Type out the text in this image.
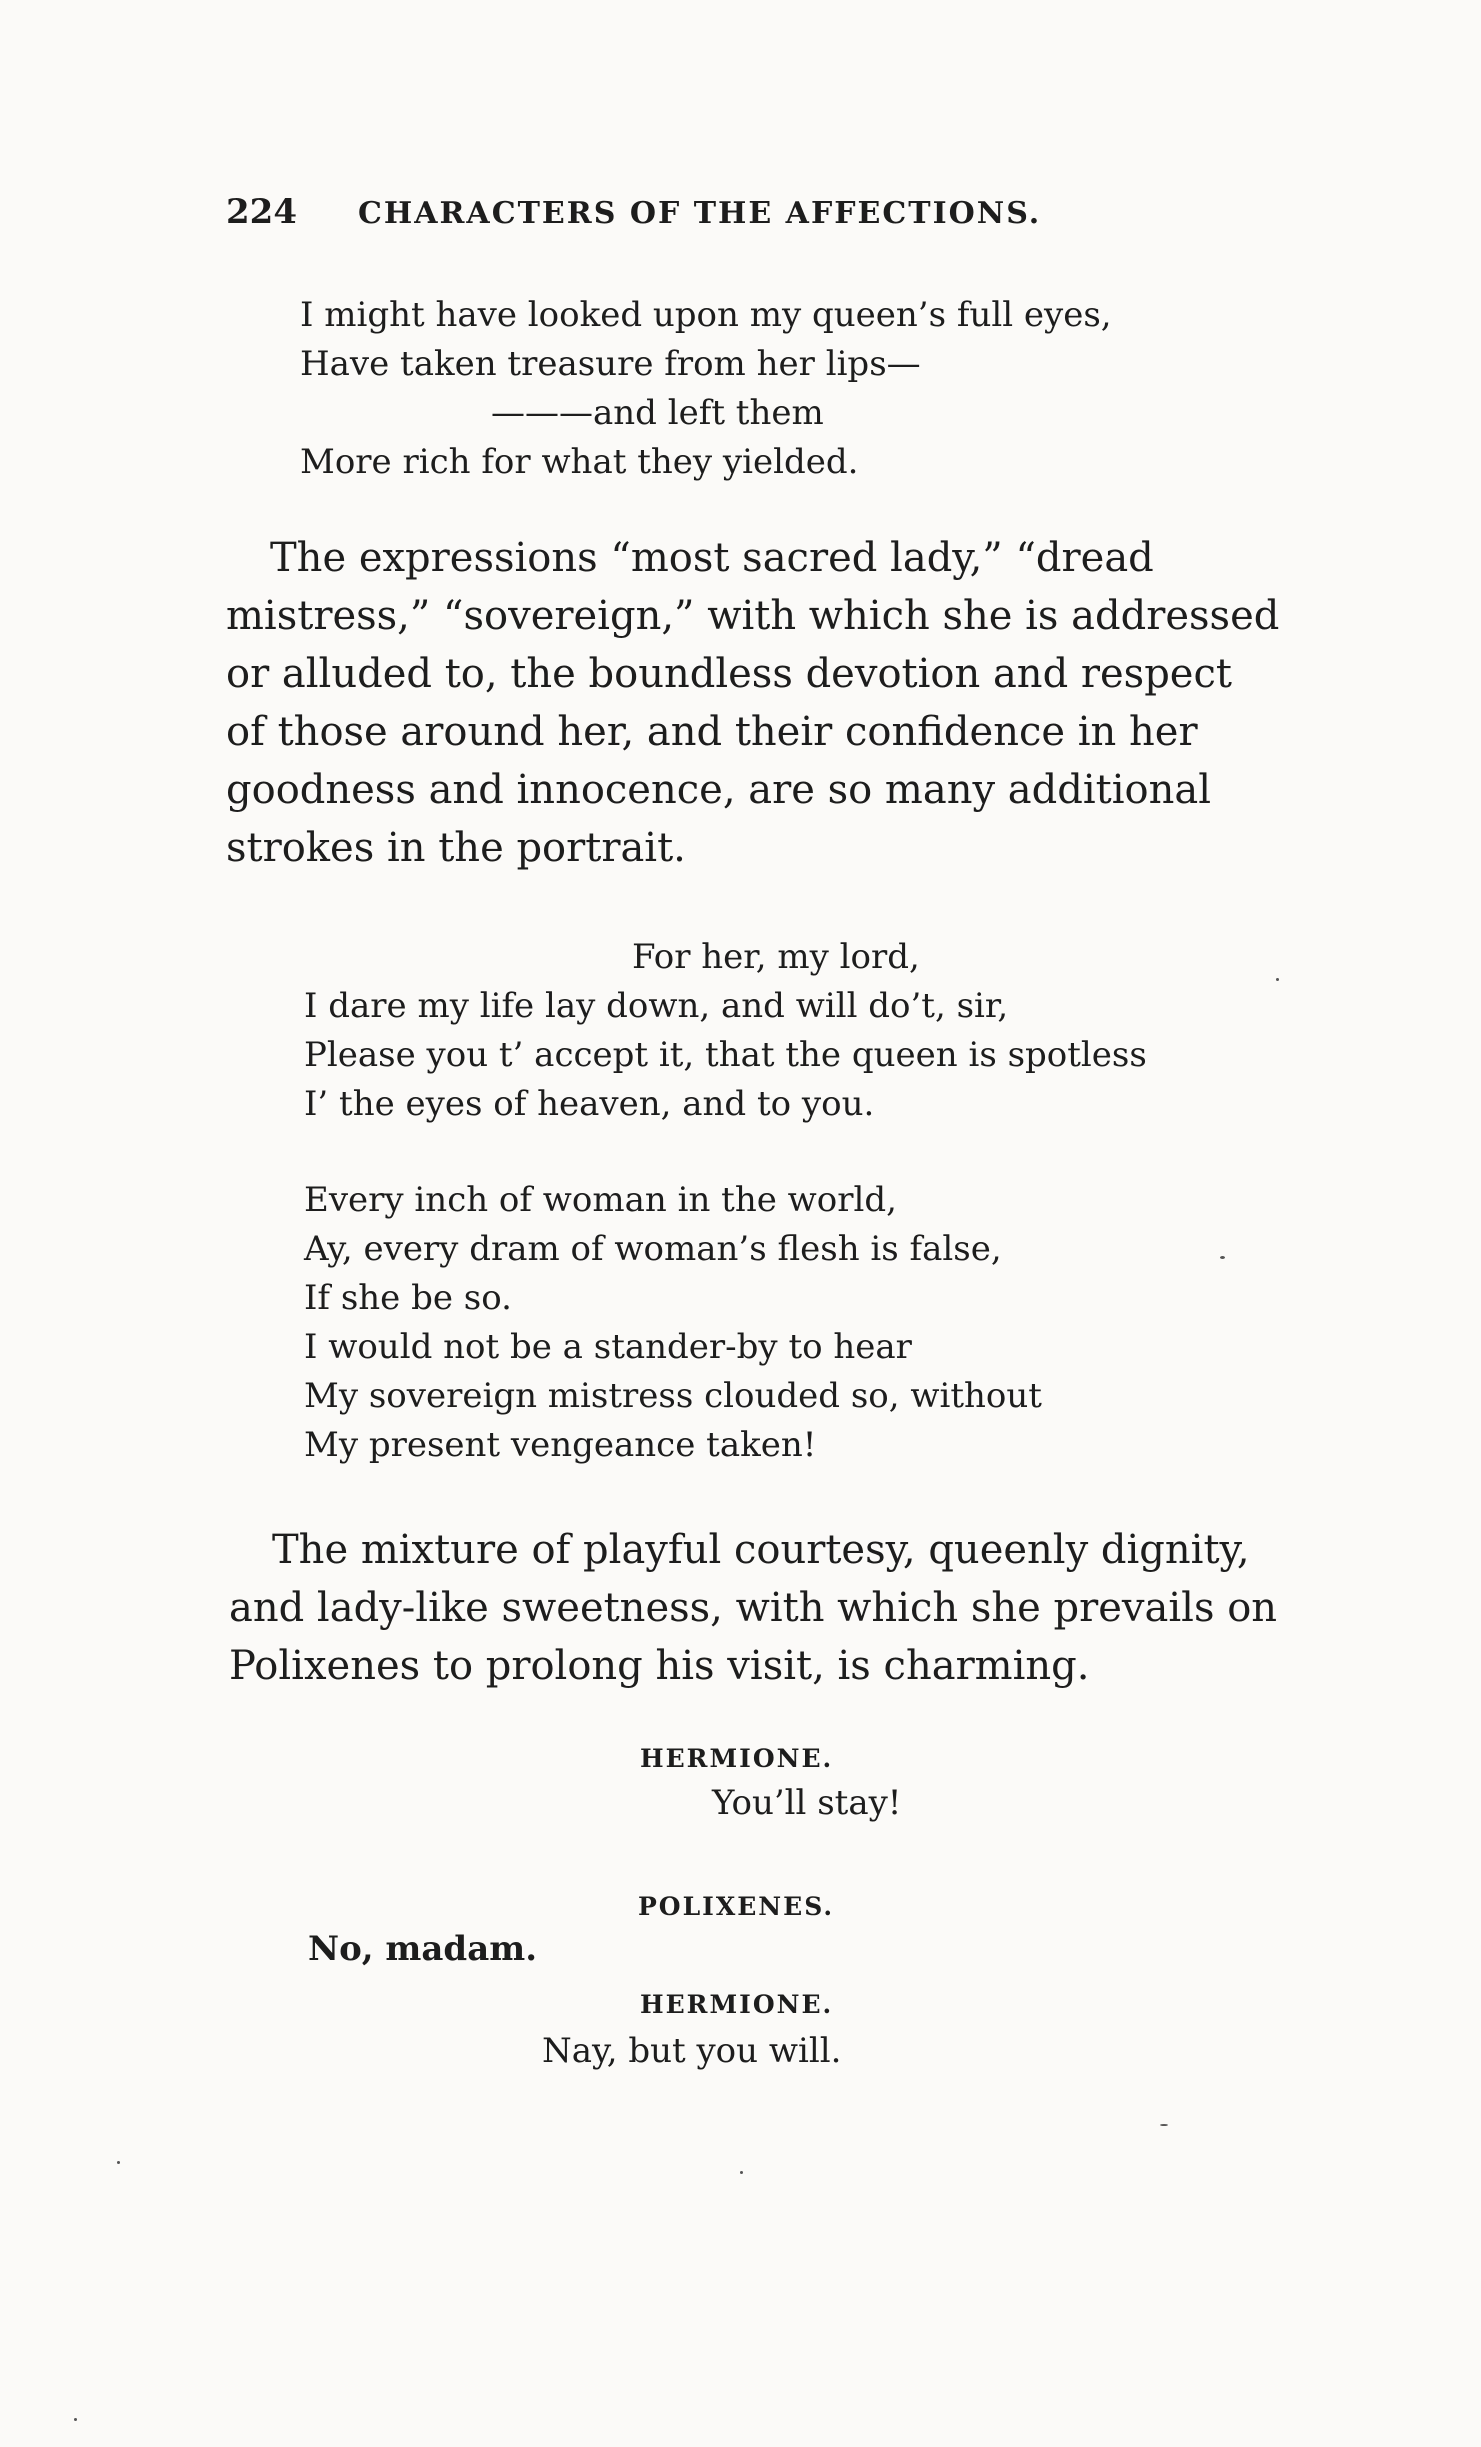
224 CHARACTERS OF THE AFFECTIONS.
I might have looked upon my queen’s full eyes,
Have taken treasure from her lips—
———and left them
More rich for what they yielded.
The expressions “most sacred lady,” “dread
mistress,” “sovereign,” with which she is addressed
or alluded to, the boundless devotion and respect
of those around her, and their confidence in her
goodness and innocence, are so many additional
strokes in the portrait.
For her, my lord,
I dare my life lay down, and will do’t, sir,
Please you t’ accept it, that the queen is spotless
I’ the eyes of heaven, and to you.
Every inch of woman in the world,
Ay, every dram of woman’s flesh is false,
If she be so.
I would not be a stander-by to hear
My sovereign mistress clouded so, without
My present vengeance taken!
The mixture of playful courtesy, queenly dignity,
and lady-like sweetness, with which she prevails on
Polixenes to prolong his visit, is charming.
HERMIONE.
You’ll stay!
POLIXENES.
No, madam.
HERMIONE.
Nay, but you will.
